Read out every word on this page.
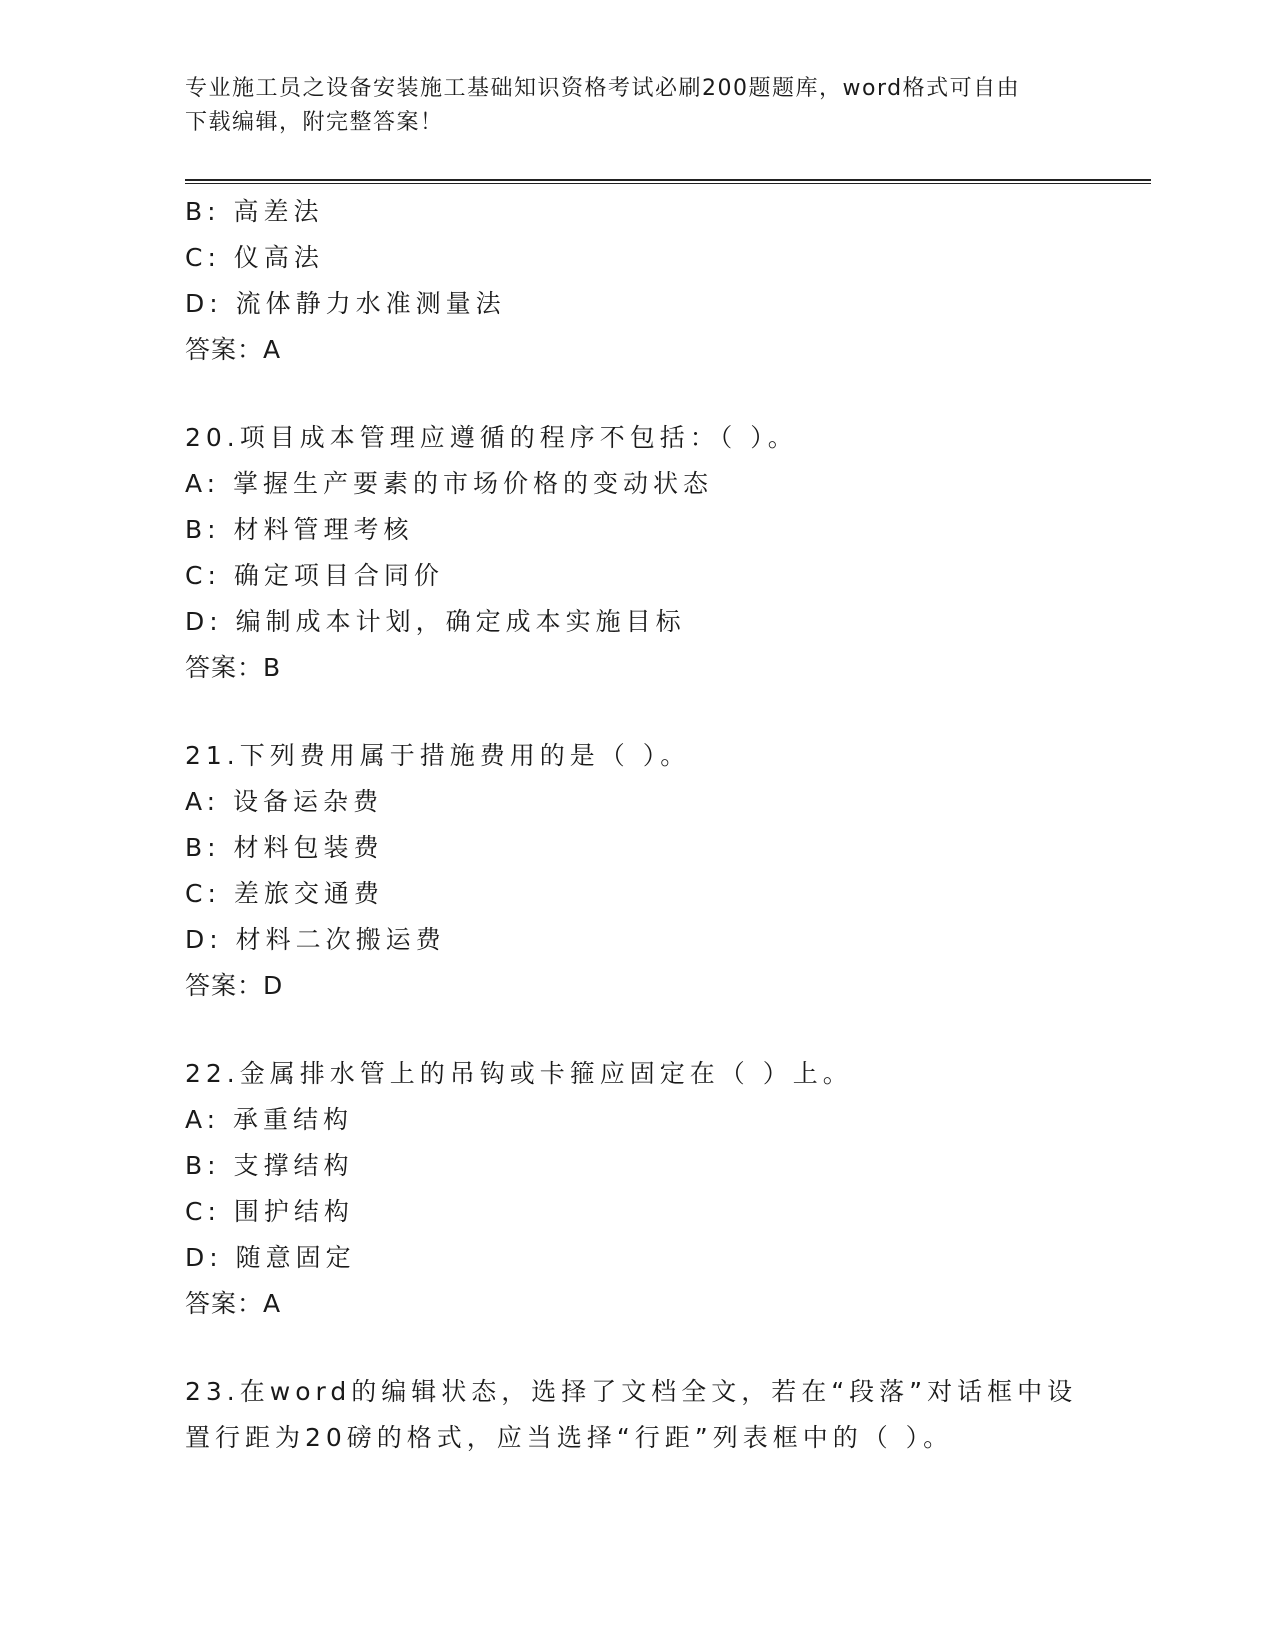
专业施工员之设备安装施工基础知识资格考试必刷200题题库，word格式可自由
下载编辑，附完整答案！
B: 高差法
C: 仪高法
D: 流体静力水准测量法
答案：A
20.项目成本管理应遵循的程序不包括：（ ）。
A: 掌握生产要素的市场价格的变动状态
B: 材料管理考核
C: 确定项目合同价
D: 编制成本计划，确定成本实施目标
答案：B
21.下列费用属于措施费用的是（ ）。
A: 设备运杂费
B: 材料包装费
C: 差旅交通费
D: 材料二次搬运费
答案：D
22.金属排水管上的吊钩或卡箍应固定在（ ）上。
A: 承重结构
B: 支撑结构
C: 围护结构
D: 随意固定
答案：A
23.在word的编辑状态，选择了文档全文，若在“段落”对话框中设
置行距为20磅的格式，应当选择“行距”列表框中的（ ）。
